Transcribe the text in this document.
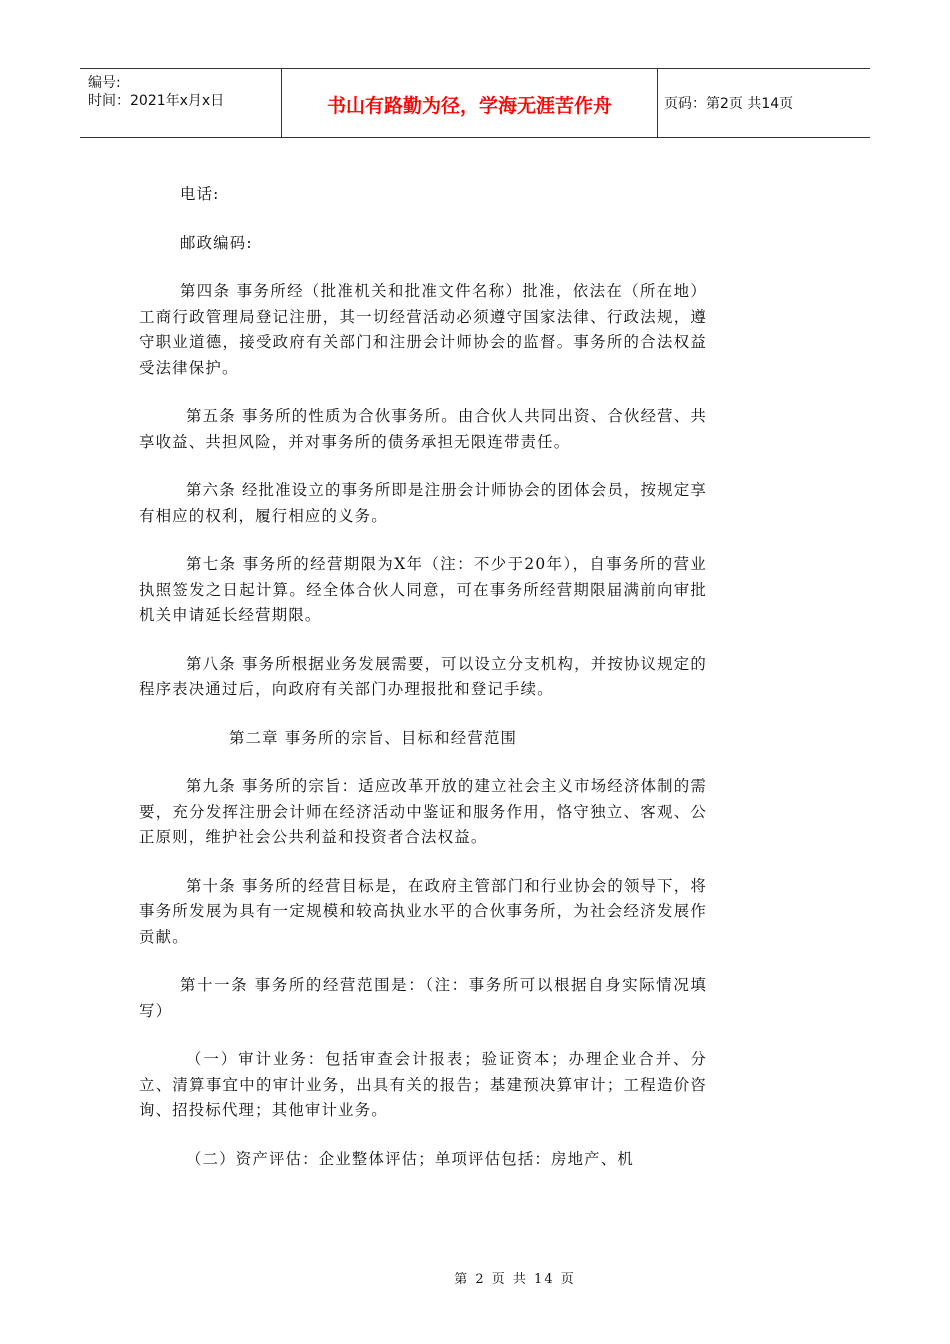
编号:
时间：2021年x月x日	书山有路勤为径，学海无涯苦作舟	页码：第2页 共14页

电话:

邮政编码:

第四条 事务所经（批准机关和批准文件名称）批准，依法在（所在地）工商行政管理局登记注册，其一切经营活动必须遵守国家法律、行政法规，遵守职业道德，接受政府有关部门和注册会计师协会的监督。事务所的合法权益受法律保护。

第五条 事务所的性质为合伙事务所。由合伙人共同出资、合伙经营、共享收益、共担风险，并对事务所的债务承担无限连带责任。

第六条 经批准设立的事务所即是注册会计师协会的团体会员，按规定享有相应的权利，履行相应的义务。

第七条 事务所的经营期限为X年（注：不少于20年），自事务所的营业执照签发之日起计算。经全体合伙人同意，可在事务所经营期限届满前向审批机关申请延长经营期限。

第八条 事务所根据业务发展需要，可以设立分支机构，并按协议规定的程序表决通过后，向政府有关部门办理报批和登记手续。

第二章 事务所的宗旨、目标和经营范围

第九条 事务所的宗旨：适应改革开放的建立社会主义市场经济体制的需要，充分发挥注册会计师在经济活动中鉴证和服务作用，恪守独立、客观、公正原则，维护社会公共利益和投资者合法权益。

第十条 事务所的经营目标是，在政府主管部门和行业协会的领导下，将事务所发展为具有一定规模和较高执业水平的合伙事务所，为社会经济发展作贡献。

第十一条 事务所的经营范围是：（注：事务所可以根据自身实际情况填写）

（一）审计业务：包括审查会计报表；验证资本；办理企业合并、分立、清算事宜中的审计业务，出具有关的报告；基建预决算审计；工程造价咨询、招投标代理；其他审计业务。

（二）资产评估：企业整体评估；单项评估包括：房地产、机

第 2 页 共 14 页
